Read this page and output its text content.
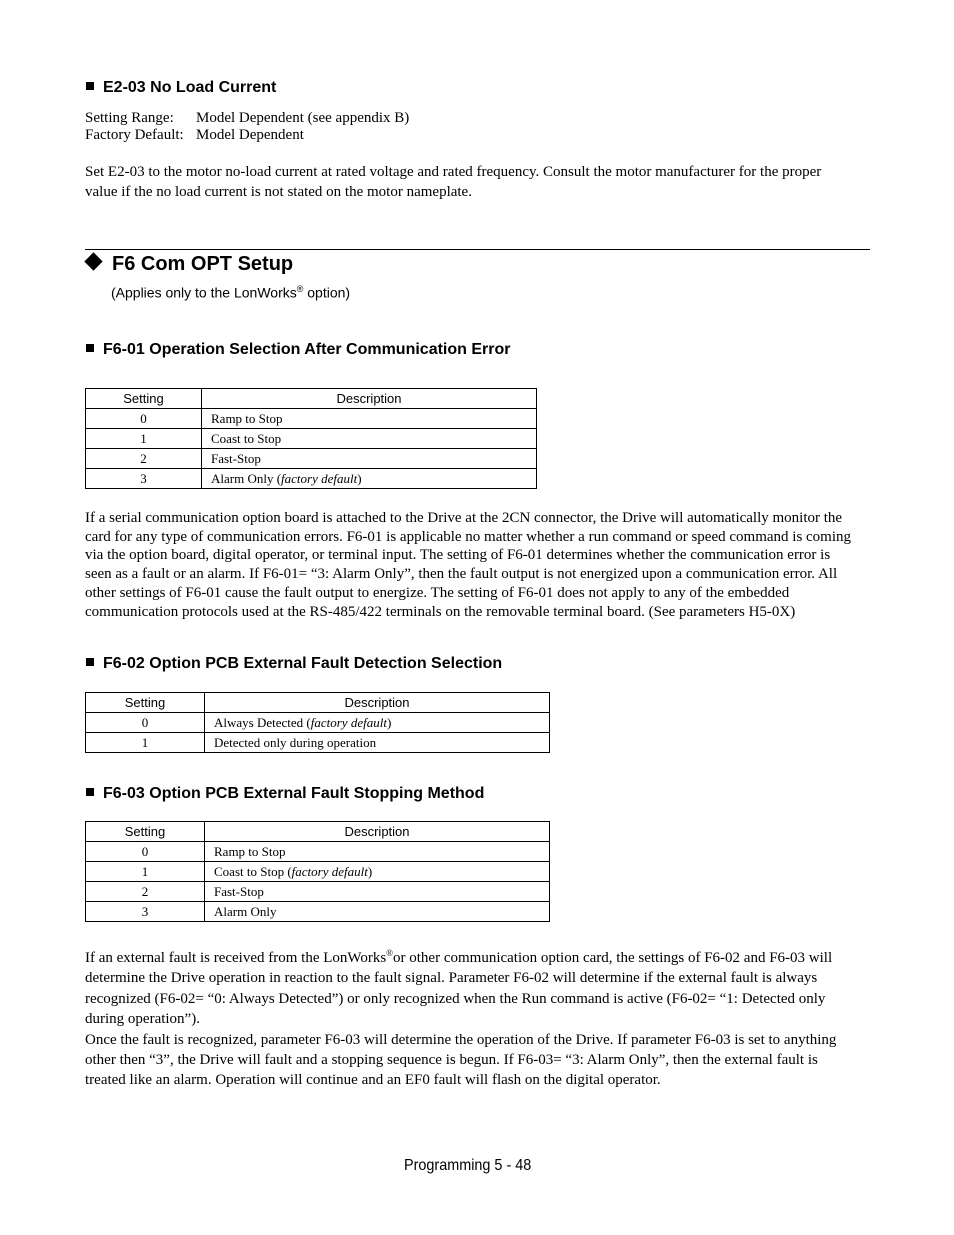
E2-03 No Load Current
Setting Range: Model Dependent (see appendix B)
Factory Default: Model Dependent
Set E2-03 to the motor no-load current at rated voltage and rated frequency. Consult the motor manufacturer for the proper
value if the no load current is not stated on the motor nameplate.
F6 Com OPT Setup
(Applies only to the LonWorks® option)
F6-01 Operation Selection After Communication Error
Setting	Description
0	Ramp to Stop
1	Coast to Stop
2	Fast-Stop
3	Alarm Only (factory default)
If a serial communication option board is attached to the Drive at the 2CN connector, the Drive will automatically monitor the
card for any type of communication errors. F6-01 is applicable no matter whether a run command or speed command is coming
via the option board, digital operator, or terminal input. The setting of F6-01 determines whether the communication error is
seen as a fault or an alarm. If F6-01= “3: Alarm Only”, then the fault output is not energized upon a communication error. All
other settings of F6-01 cause the fault output to energize. The setting of F6-01 does not apply to any of the embedded
communication protocols used at the RS-485/422 terminals on the removable terminal board. (See parameters H5-0X)
F6-02 Option PCB External Fault Detection Selection
Setting	Description
0	Always Detected (factory default)
1	Detected only during operation
F6-03 Option PCB External Fault Stopping Method
Setting	Description
0	Ramp to Stop
1	Coast to Stop (factory default)
2	Fast-Stop
3	Alarm Only
If an external fault is received from the LonWorks®or other communication option card, the settings of F6-02 and F6-03 will
determine the Drive operation in reaction to the fault signal. Parameter F6-02 will determine if the external fault is always
recognized (F6-02= “0: Always Detected”) or only recognized when the Run command is active (F6-02= “1: Detected only
during operation”).
Once the fault is recognized, parameter F6-03 will determine the operation of the Drive. If parameter F6-03 is set to anything
other then “3”, the Drive will fault and a stopping sequence is begun. If F6-03= “3: Alarm Only”, then the external fault is
treated like an alarm. Operation will continue and an EF0 fault will flash on the digital operator.
Programming 5 - 48
